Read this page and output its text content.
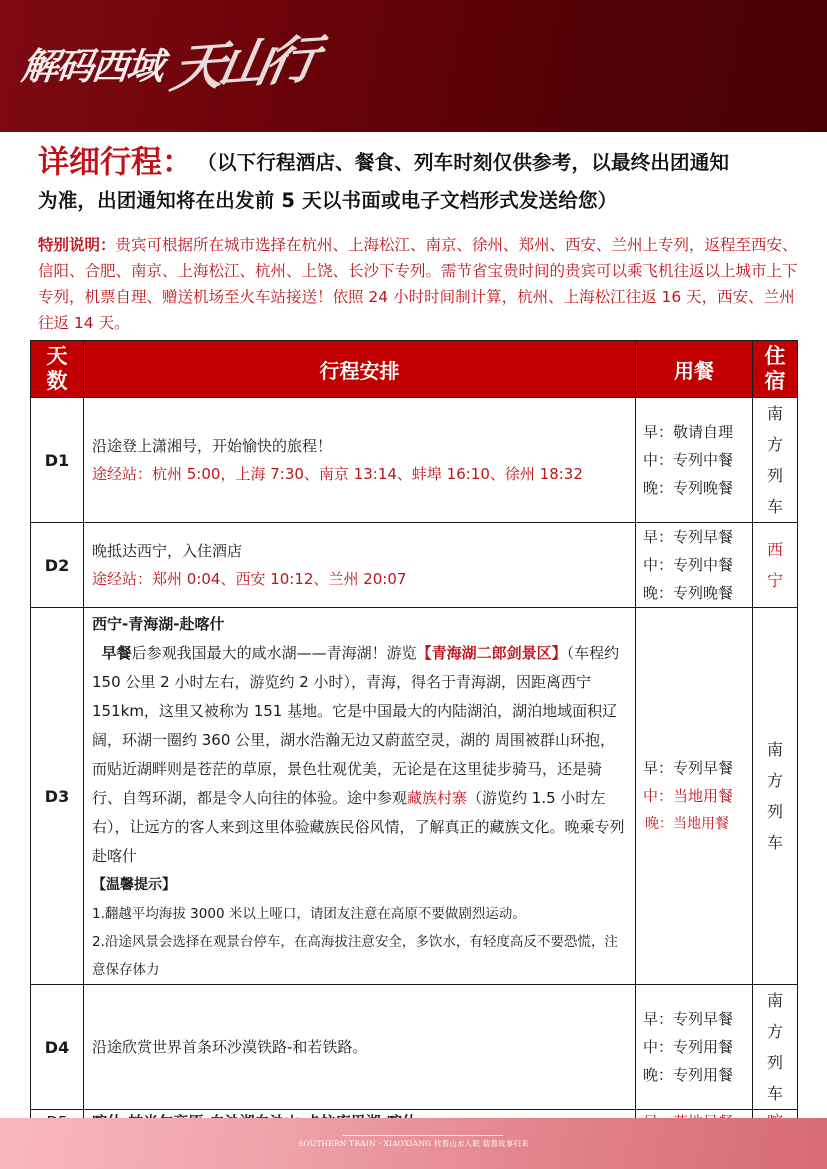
解码西域 天山行
详细行程： （以下行程酒店、餐食、列车时刻仅供参考，以最终出团通知
为准，出团通知将在出发前 5 天以书面或电子文档形式发送给您）
特别说明：贵宾可根据所在城市选择在杭州、上海松江、南京、徐州、郑州、西安、兰州上专列，返程至西安、信阳、合肥、南京、上海松江、杭州、上饶、长沙下专列。需节省宝贵时间的贵宾可以乘飞机往返以上城市上下专列，机票自理、赠送机场至火车站接送！依照 24 小时时间制计算，杭州、上海松江往返 16 天，西安、兰州往返 14 天。
天
数	行程安排	用餐	
住
宿

D1	
沿途登上潇湘号，开始愉快的旅程！
途经站：杭州 5:00，上海 7:30、南京 13:14、蚌埠 16:10、徐州 18:32

早：敬请自理
中：专列中餐
晚：专列晚餐

南
方
列
车

D2	
晚抵达西宁，入住酒店
途经站：郑州 0:04、西安 10:12、兰州 20:07

早：专列早餐
中：专列中餐
晚：专列晚餐

西
宁

D3	
西宁-青海湖-赴喀什
早餐后参观我国最大的咸水湖——青海湖！游览【青海湖二郎剑景区】（车程约 150 公里 2 小时左右，游览约 2 小时），青海，得名于青海湖，因距离西宁 151km，这里又被称为 151 基地。它是中国最大的内陆湖泊，湖泊地域面积辽阔，环湖一圈约 360 公里，湖水浩瀚无边又蔚蓝空灵，湖的 周围被群山环抱，而贴近湖畔则是苍茫的草原，景色壮观优美，无论是在这里徒步骑马，还是骑行、自驾环湖，都是令人向往的体验。途中参观藏族村寨（游览约 1.5 小时左右），让远方的客人来到这里体验藏族民俗风情，了解真正的藏族文化。晚乘专列赴喀什
【温馨提示】
1.翻越平均海拔 3000 米以上哑口，请团友注意在高原不要做剧烈运动。
2.沿途风景会选择在观景台停车，在高海拔注意安全，多饮水，有轻度高反不要恐慌，注意保存体力

早：专列早餐
中：当地用餐
晚：当地用餐

南
方
列
车

D4	沿途欣赏世界首条环沙漠铁路-和若铁路。

早：专列早餐
中：专列用餐
晚：专列用餐

南
方
列
车

SOUTHERN TRAIN · XIAOXIANG 枕着山水入眠 载着故事归来
